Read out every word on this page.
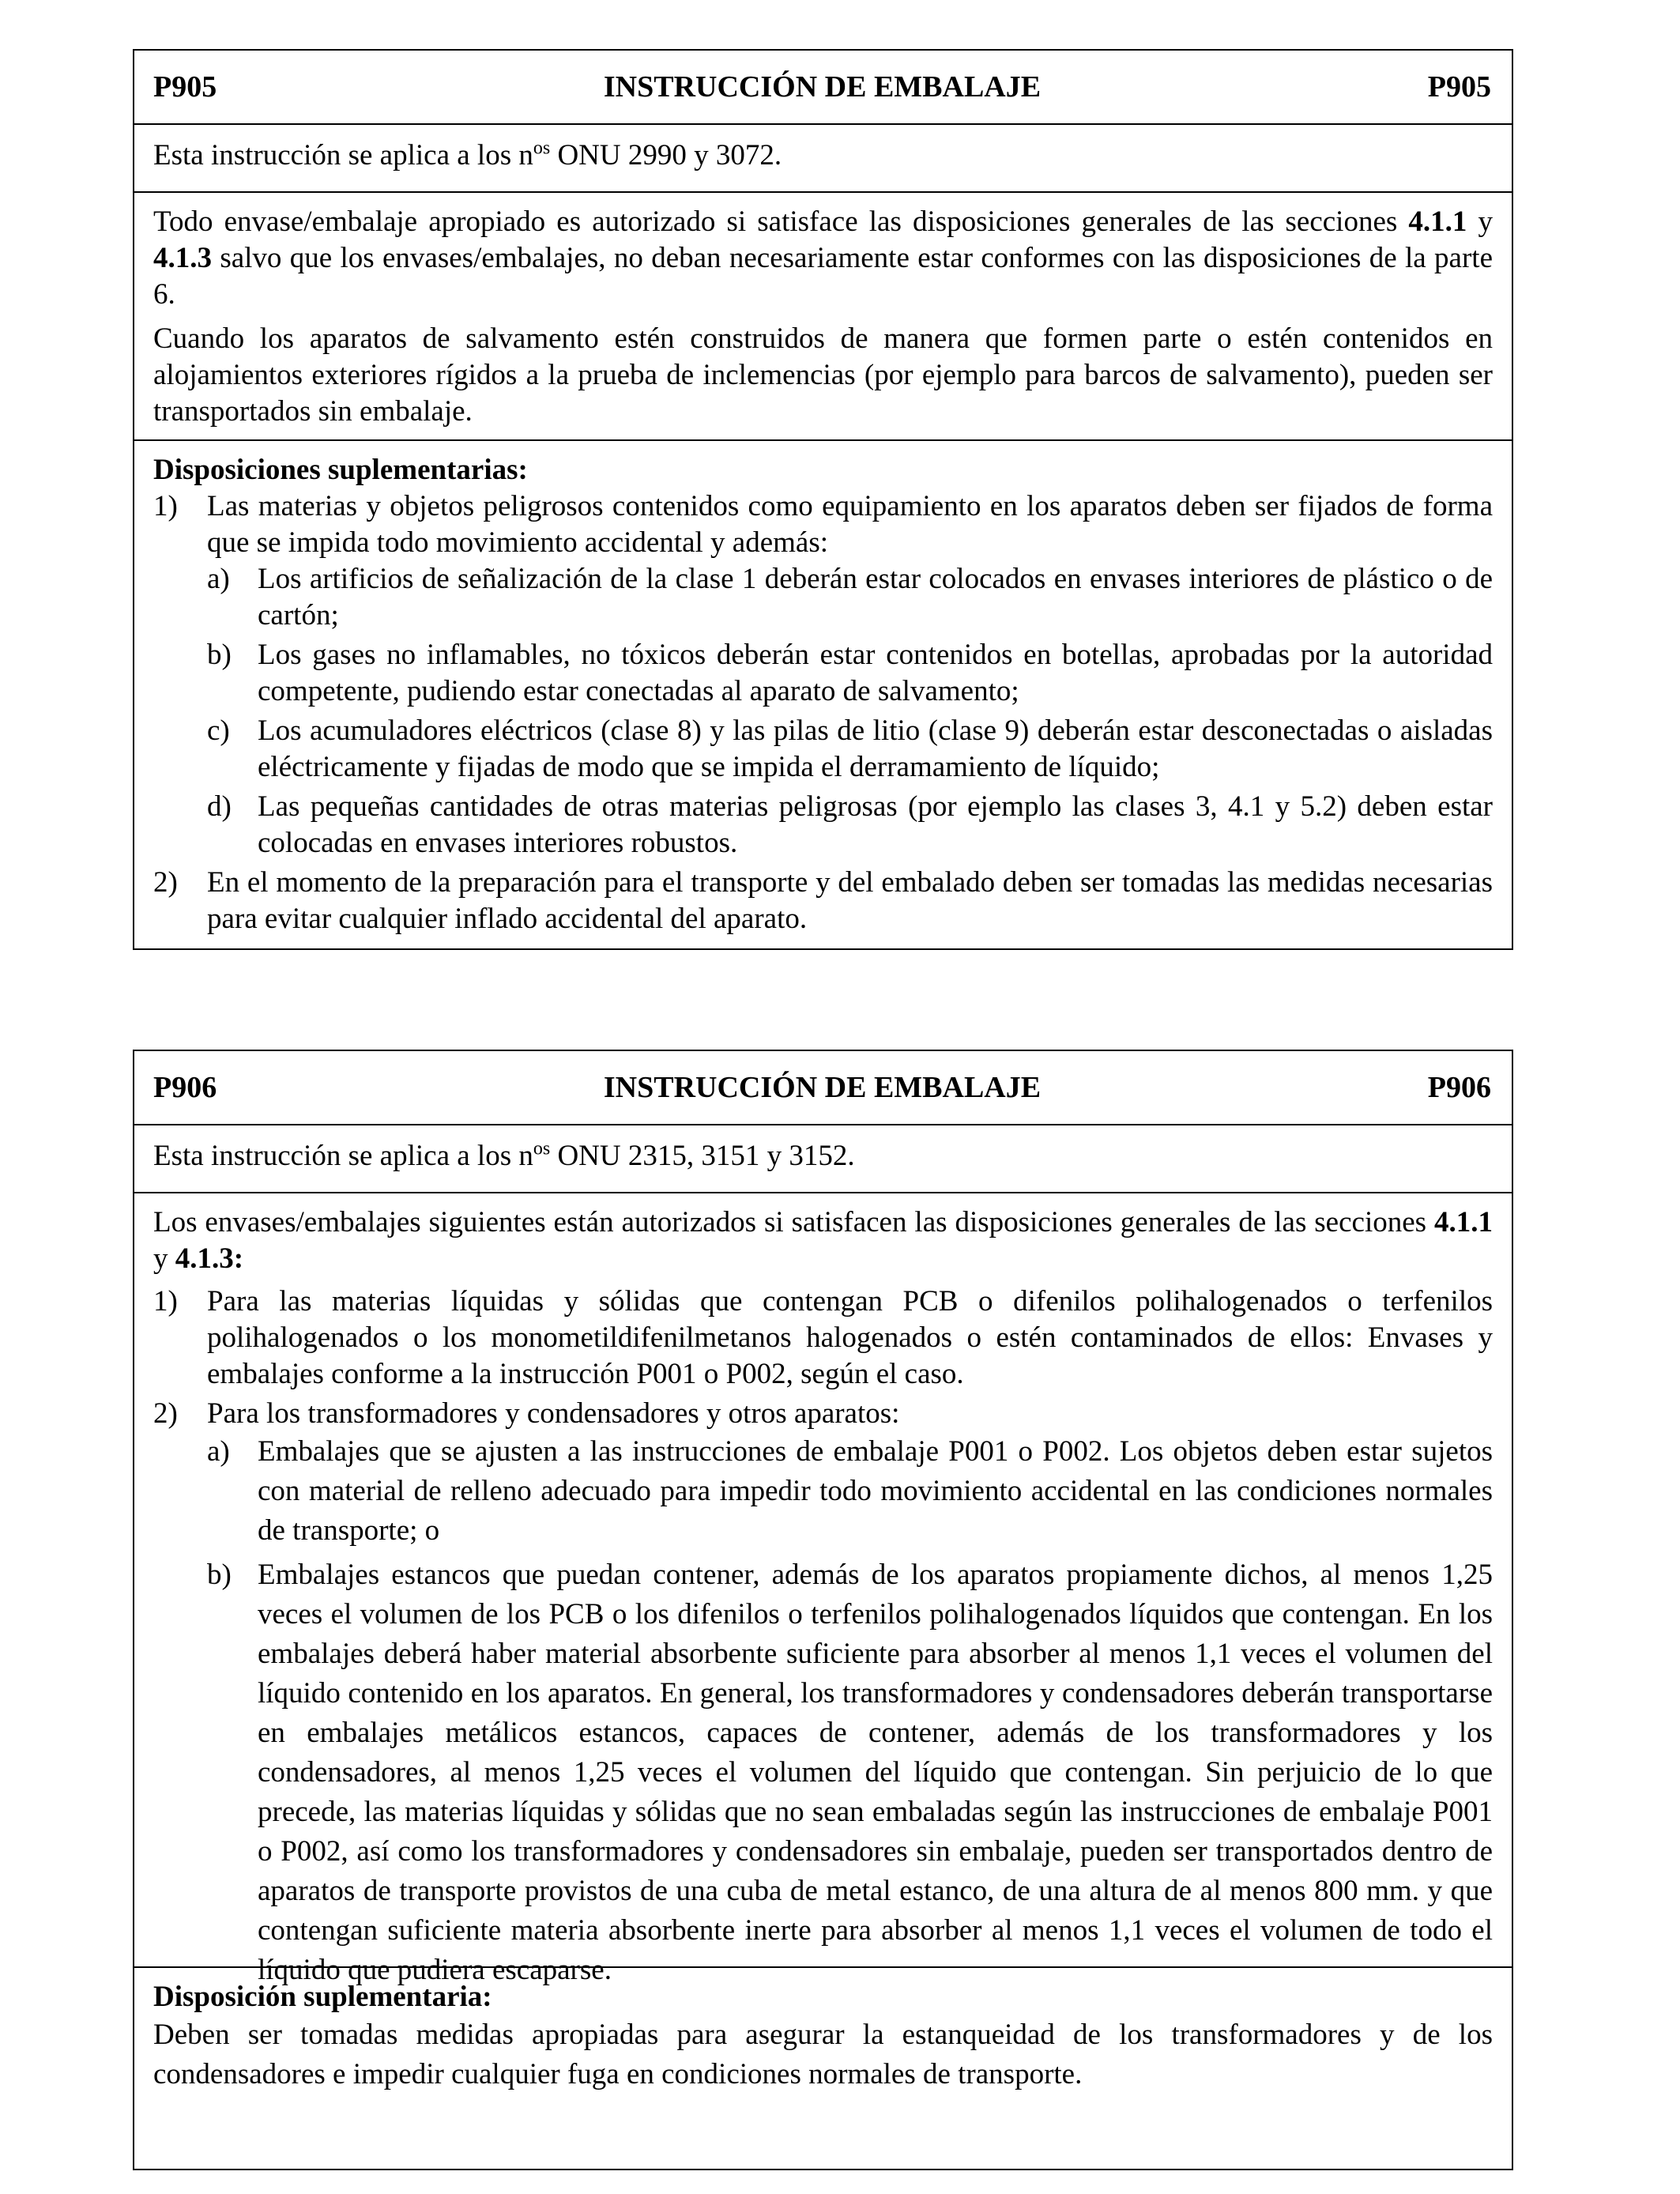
P905	INSTRUCCIÓN DE EMBALAJE	P905

Esta instrucción se aplica a los $n^{os}$ ONU 2990 y 3072.

Todo envase/embalaje apropiado es autorizado si satisface las disposiciones generales de las secciones 4.1.1 y 4.1.3 salvo que los envases/embalajes, no deban necesariamente estar conformes con las disposiciones de la parte 6.

Cuando los aparatos de salvamento estén construidos de manera que formen parte o estén contenidos en alojamientos exteriores rígidos a la prueba de inclemencias (por ejemplo para barcos de salvamento), pueden ser transportados sin embalaje.

Disposiciones suplementarias:

1)	Las materias y objetos peligrosos contenidos como equipamiento en los aparatos deben ser fijados de forma que se impida todo movimiento accidental y además:
a) Los artificios de señalización de la clase 1 deberán estar colocados en envases interiores de plástico o de cartón;
b) Los gases no inflamables, no tóxicos deberán estar contenidos en botellas, aprobadas por la autoridad competente, pudiendo estar conectadas al aparato de salvamento;
c) Los acumuladores eléctricos (clase 8) y las pilas de litio (clase 9) deberán estar desconectadas o aisladas eléctricamente y fijadas de modo que se impida el derramamiento de líquido;
d) Las pequeñas cantidades de otras materias peligrosas (por ejemplo las clases 3, 4.1 y 5.2) deben estar colocadas en envases interiores robustos.
2)	En el momento de la preparación para el transporte y del embalado deben ser tomadas las medidas necesarias para evitar cualquier inflado accidental del aparato.
P906	INSTRUCCIÓN DE EMBALAJE	P906

Esta instrucción se aplica a los $n^{os}$ ONU 2315, 3151 y 3152.

Los envases/embalajes siguientes están autorizados si satisfacen las disposiciones generales de las secciones 4.1.1 y 4.1.3:

1)	Para las materias líquidas y sólidas que contengan PCB o difenilos polihalogenados o terfenilos polihalogenados o los monometildifenilmetanos halogenados o estén contaminados de ellos: Envases y embalajes conforme a la instrucción P001 o P002, según el caso.
2)	Para los transformadores y condensadores y otros aparatos:
a) Embalajes que se ajusten a las instrucciones de embalaje P001 o P002. Los objetos deben estar sujetos con material de relleno adecuado para impedir todo movimiento accidental en las condiciones normales de transporte; o
b) Embalajes estancos que puedan contener, además de los aparatos propiamente dichos, al menos 1,25 veces el volumen de los PCB o los difenilos o terfenilos polihalogenados líquidos que contengan. En los embalajes deberá haber material absorbente suficiente para absorber al menos 1,1 veces el volumen del líquido contenido en los aparatos. En general, los transformadores y condensadores deberán transportarse en embalajes metálicos estancos, capaces de contener, además de los transformadores y los condensadores, al menos 1,25 veces el volumen del líquido que contengan. Sin perjuicio de lo que precede, las materias líquidas y sólidas que no sean embaladas según las instrucciones de embalaje P001 o P002, así como los transformadores y condensadores sin embalaje, pueden ser transportados dentro de aparatos de transporte provistos de una cuba de metal estanco, de una altura de al menos 800 mm. y que contengan suficiente materia absorbente inerte para absorber al menos 1,1 veces el volumen de todo el líquido que pudiera escaparse.

Disposición suplementaria:

Deben ser tomadas medidas apropiadas para asegurar la estanqueidad de los transformadores y de los condensadores e impedir cualquier fuga en condiciones normales de transporte.
